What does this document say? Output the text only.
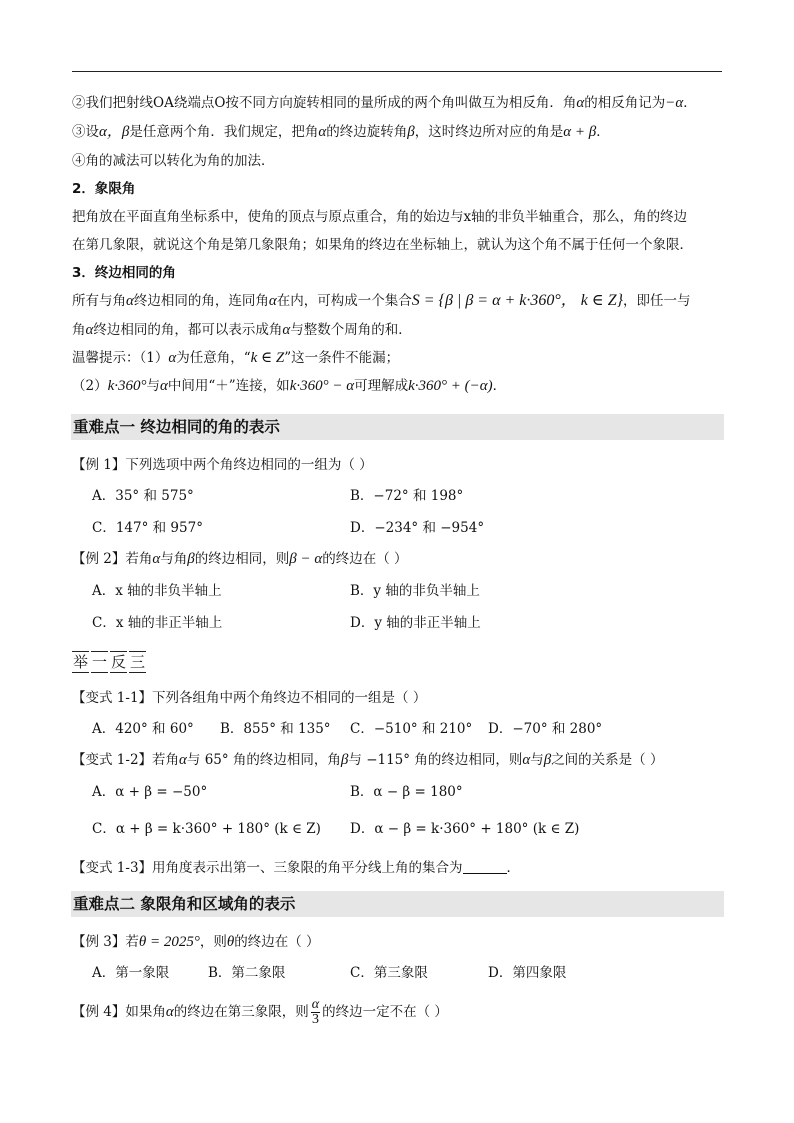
②我们把射线OA绕端点O按不同方向旋转相同的量所成的两个角叫做互为相反角．角α的相反角记为−α．
③设α，β是任意两个角．我们规定，把角α的终边旋转角β，这时终边所对应的角是α + β．
④角的减法可以转化为角的加法．
2．象限角
把角放在平面直角坐标系中，使角的顶点与原点重合，角的始边与x轴的非负半轴重合，那么，角的终边
在第几象限，就说这个角是第几象限角；如果角的终边在坐标轴上，就认为这个角不属于任何一个象限．
3．终边相同的角
所有与角α终边相同的角，连同角α在内，可构成一个集合S = {β | β = α + k·360°， k ∈ Z}，即任一与
角α终边相同的角，都可以表示成角α与整数个周角的和．
温馨提示：（1）α为任意角，“k ∈ Z”这一条件不能漏；
（2）k·360°与α中间用“＋”连接，如k·360° − α可理解成k·360° + (−α)．
重难点一 终边相同的角的表示
【例 1】下列选项中两个角终边相同的一组为（ ）
A．35° 和 575°	B．−72° 和 198°
C．147° 和 957°	D．−234° 和 −954°
【例 2】若角α与角β的终边相同，则β − α的终边在（ ）
A．x 轴的非负半轴上	B．y 轴的非负半轴上
C．x 轴的非正半轴上	D．y 轴的非正半轴上
举 一 反 三
【变式 1-1】下列各组角中两个角终边不相同的一组是（ ）
A．420° 和 60° B．855° 和 135° C．−510° 和 210° D．−70° 和 280°
【变式 1-2】若角α与 65° 角的终边相同，角β与 −115° 角的终边相同，则α与β之间的关系是（ ）
A．α + β = −50°	B．α − β = 180°
C．α + β = k·360° + 180° (k ∈ Z) D．α − β = k·360° + 180° (k ∈ Z)
【变式 1-3】用角度表示出第一、三象限的角平分线上角的集合为	．
重难点二 象限角和区域角的表示
【例 3】若θ = 2025°，则θ的终边在（ ）
A．第一象限	B．第二象限	C．第三象限	D．第四象限
【例 4】如果角α的终边在第三象限，则 $\frac{\alpha}{3}$ 的终边一定不在（ ）
